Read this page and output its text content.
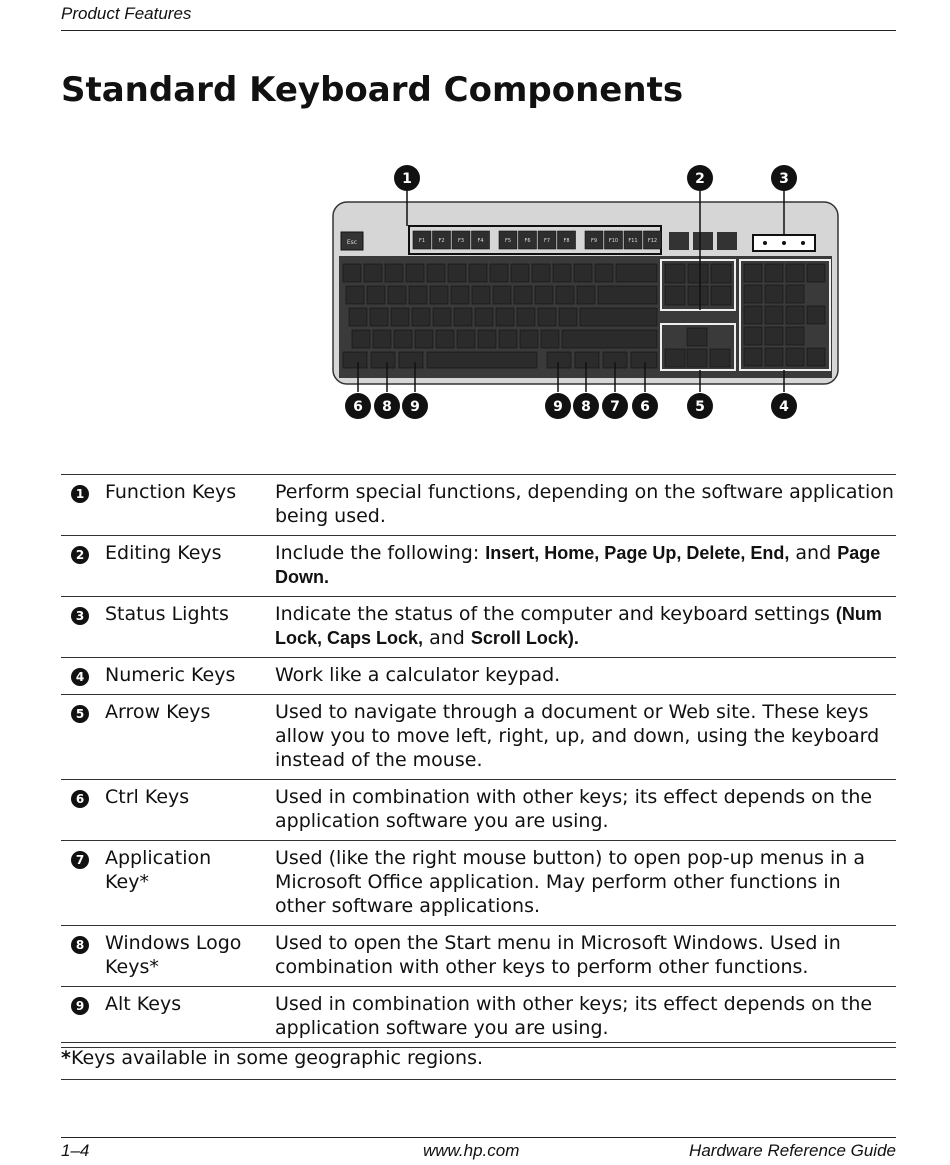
Product Features
Standard Keyboard Components
Esc	F1	F2	F3	F4	F5	F6	F7	F8	F9 F10 F11 F12
1	2	3
6 8 9	9 8 7 6	5	4
1	Function Keys	Perform special functions, depending on the software application being used.
2	Editing Keys	Include the following: Insert, Home, Page Up, Delete, End, and Page Down.
3	Status Lights	Indicate the status of the computer and keyboard settings (Num Lock, Caps Lock, and Scroll Lock).
4	Numeric Keys	Work like a calculator keypad.
5	Arrow Keys	Used to navigate through a document or Web site. These keys allow you to move left, right, up, and down, using the keyboard instead of the mouse.
6	Ctrl Keys	Used in combination with other keys; its effect depends on the application software you are using.
7	Application Key*	Used (like the right mouse button) to open pop-up menus in a Microsoft Office application. May perform other functions in other software applications.
8	Windows Logo Keys*	Used to open the Start menu in Microsoft Windows. Used in combination with other keys to perform other functions.
9	Alt Keys	Used in combination with other keys; its effect depends on the application software you are using.
*Keys available in some geographic regions.
1–4	www.hp.com	Hardware Reference Guide
